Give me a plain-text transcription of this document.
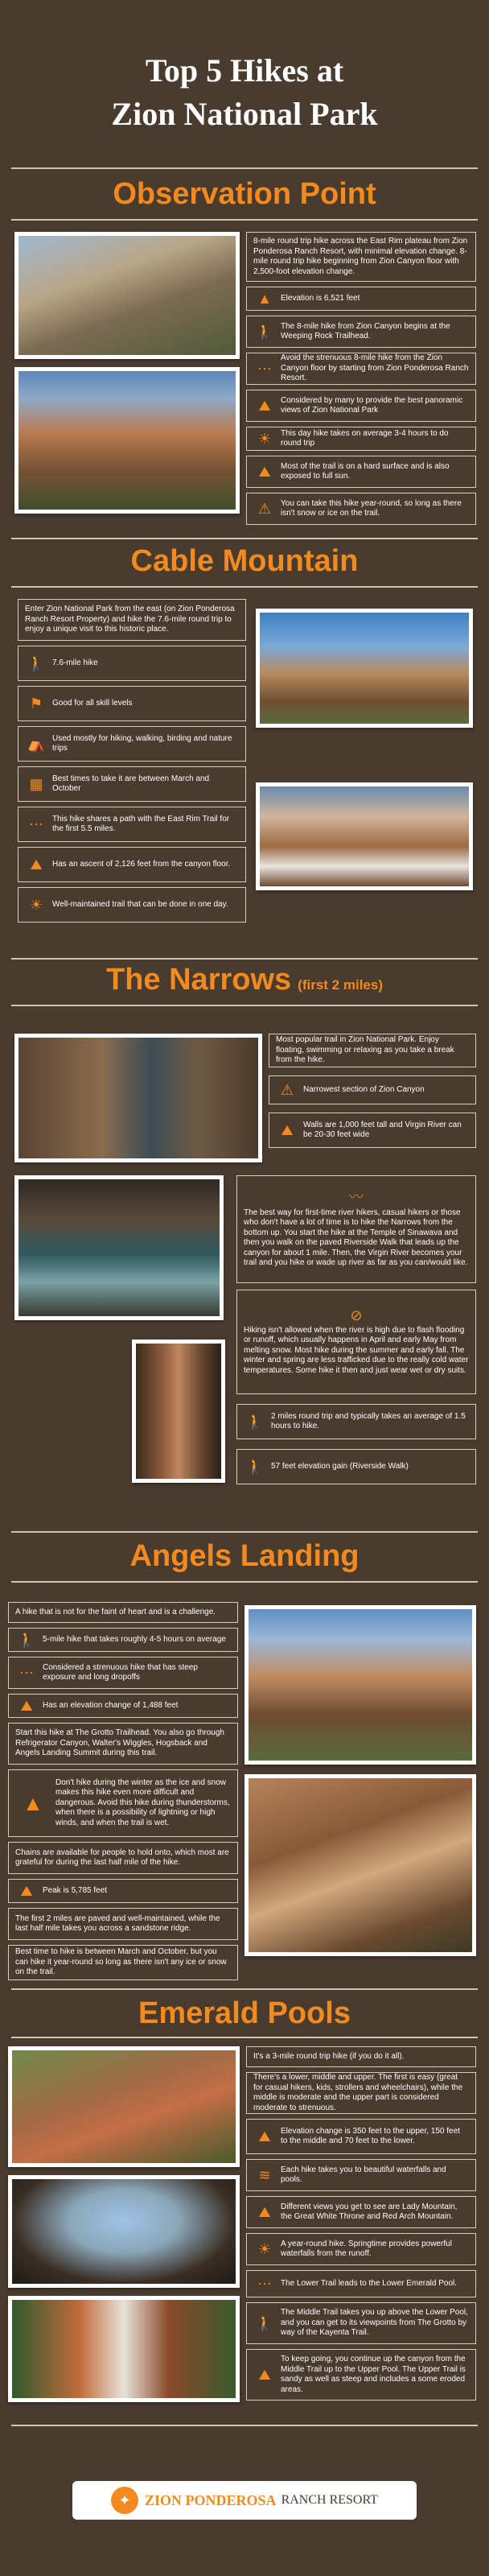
Top 5 Hikes at
Zion National Park
Observation Point
8-mile round trip hike across the East Rim plateau from Zion Ponderosa Ranch Resort, with minimal elevation change. 8-mile round trip hike beginning from Zion Canyon floor with 2,500-foot elevation change.
▲	Elevation is 6,521 feet
🚶 The 8-mile hike from Zion Canyon begins at the Weeping Rock Trailhead.
⋯
Avoid the strenuous 8-mile hike from the Zion Canyon floor by starting from Zion Ponderosa Ranch Resort.
⛰	Considered by many to provide the best panoramic views of Zion National Park
☀	This day hike takes on average 3-4 hours to do round trip
⛰	Most of the trail is on a hard surface and is also exposed to full sun.
⚠	You can take this hike year-round, so long as there isn't snow or ice on the trail.
Cable Mountain
Enter Zion National Park from the east (on Zion Ponderosa Ranch Resort Property) and hike the 7.6-mile round trip to enjoy a unique visit to this historic place.
🚶 7.6-mile hike
⚑	Good for all skill levels
⛺ Used mostly for hiking, walking, birding and nature trips
▦	Best times to take it are between March and October
⋯	This hike shares a path with the East Rim Trail for the first 5.5 miles.
⛰	Has an ascent of 2,126 feet from the canyon floor.
☀	Well-maintained trail that can be done in one day.
The Narrows (first 2 miles)
Most popular trail in Zion National Park. Enjoy floating, swimming or relaxing as you take a break from the hike.
⚠	Narrowest section of Zion Canyon
⛰	Walls are 1,000 feet tall and Virgin River can be 20-30 feet wide
〰
The best way for first-time river hikers, casual hikers or those who don't have a lot of time is to hike the Narrows from the bottom up. You start the hike at the Temple of Sinawava and then you walk on the paved Riverside Walk that leads up the canyon for about 1 mile. Then, the Virgin River becomes your trail and you hike or wade up river as far as you can/would like.
⊘
Hiking isn't allowed when the river is high due to flash flooding or runoff, which usually happens in April and early May from melting snow. Most hike during the summer and early fall. The winter and spring are less trafficked due to the really cold water temperatures. Some hike it then and just wear wet or dry suits.
🚶 2 miles round trip and typically takes an average of 1.5 hours to hike.
🚶 57 feet elevation gain (Riverside Walk)
Angels Landing
A hike that is not for the faint of heart and is a challenge.
🚶 5-mile hike that takes roughly 4-5 hours on average
⋯	Considered a strenuous hike that has steep exposure and long dropoffs
⛰	Has an elevation change of 1,488 feet
Start this hike at The Grotto Trailhead. You also go through Refrigerator Canyon, Walter's Wiggles, Hogsback and Angels Landing Summit during this trail.
▲
Don't hike during the winter as the ice and snow makes this hike even more difficult and dangerous. Avoid this hike during thunderstorms, when there is a possibility of lightning or high winds, and when the trail is wet.
Chains are available for people to hold onto, which most are grateful for during the last half mile of the hike.
⛰	Peak is 5,785 feet
The first 2 miles are paved and well-maintained, while the last half mile takes you across a sandstone ridge.
Best time to hike is between March and October, but you can hike it year-round so long as there isn't any ice or snow on the trail.
Emerald Pools
It's a 3-mile round trip hike (if you do it all).
There's a lower, middle and upper. The first is easy (great for casual hikers, kids, strollers and wheelchairs), while the middle is moderate and the upper part is considered moderate to strenuous.
⛰	Elevation change is 350 feet to the upper, 150 feet to the middle and 70 feet to the lower.
≋	Each hike takes you to beautiful waterfalls and pools.
⛰	Different views you get to see are Lady Mountain, the Great White Throne and Red Arch Mountain.
☀	A year-round hike. Springtime provides powerful waterfalls from the runoff.
⋯	The Lower Trail leads to the Lower Emerald Pool.
🚶
The Middle Trail takes you up above the Lower Pool, and you can get to its viewpoints from The Grotto by way of the Kayenta Trail.
⛰
To keep going, you continue up the canyon from the Middle Trail up to the Upper Pool. The Upper Trail is sandy as well as steep and includes a some eroded areas.
✦ ZION PONDEROSA RANCH RESORT
